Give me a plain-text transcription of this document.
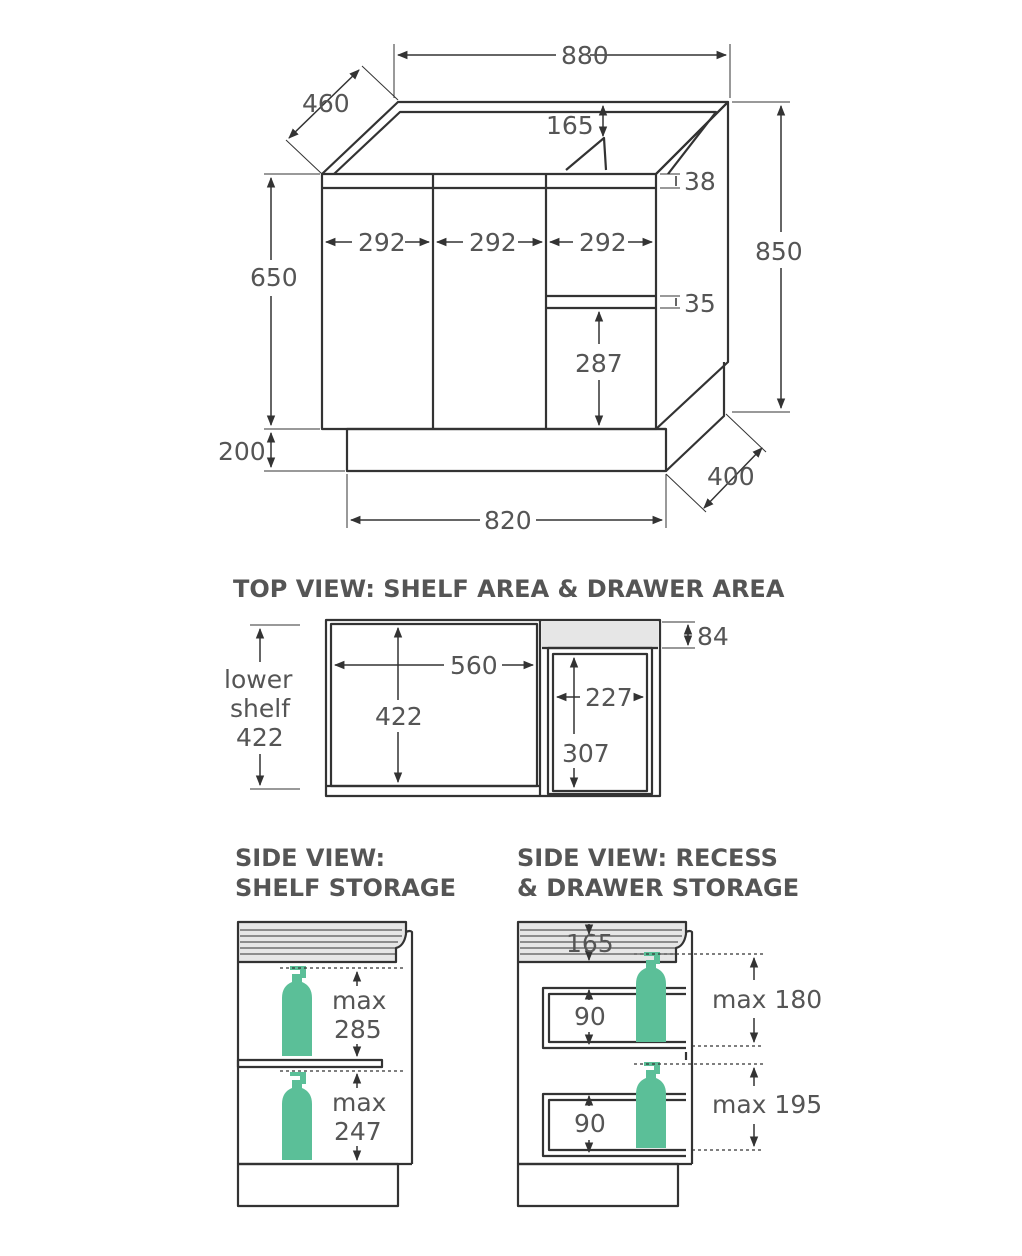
880
460
165
38
850
292	292 292
650
35
287
200
400
820
TOP VIEW: SHELF AREA & DRAWER AREA
lower
shelf
422
84
560
422
227
307
SIDE VIEW:
SHELF STORAGE
max
285
max
247
SIDE VIEW: RECESS
& DRAWER STORAGE
165
90
90
max 180
max 195
